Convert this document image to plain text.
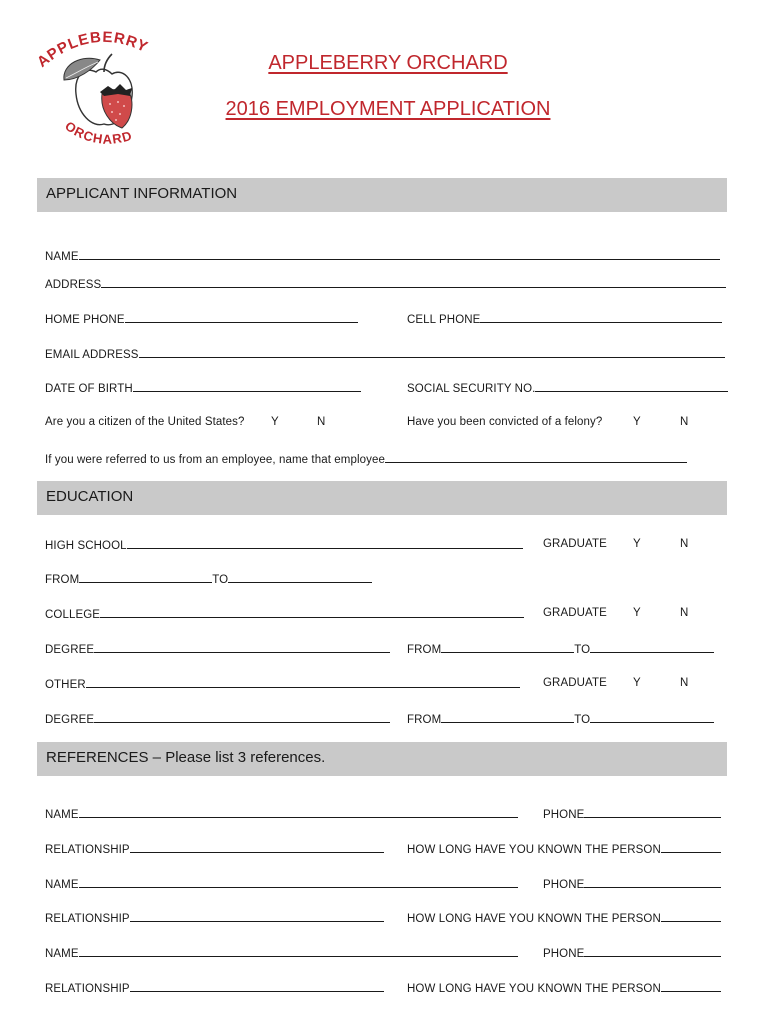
APPLEBERRY
ORCHARD
APPLEBERRY ORCHARD
2016 EMPLOYMENT APPLICATION
APPLICANT INFORMATION
NAME
ADDRESS
HOME PHONE	CELL PHONE
EMAIL ADDRESS
DATE OF BIRTH	SOCIAL SECURITY NO.
Are you a citizen of the United States? Y	N	Have you been convicted of a felony?	Y	N
If you were referred to us from an employee, name that employee
EDUCATION
HIGH SCHOOL	GRADUATE Y	N
FROM	TO
COLLEGE	GRADUATE Y	N
DEGREE	FROM	TO
OTHER	GRADUATE Y	N
DEGREE	FROM	TO
REFERENCES – Please list 3 references.
NAME	PHONE
RELATIONSHIP	HOW LONG HAVE YOU KNOWN THE PERSON
NAME	PHONE
RELATIONSHIP	HOW LONG HAVE YOU KNOWN THE PERSON
NAME	PHONE
RELATIONSHIP	HOW LONG HAVE YOU KNOWN THE PERSON
